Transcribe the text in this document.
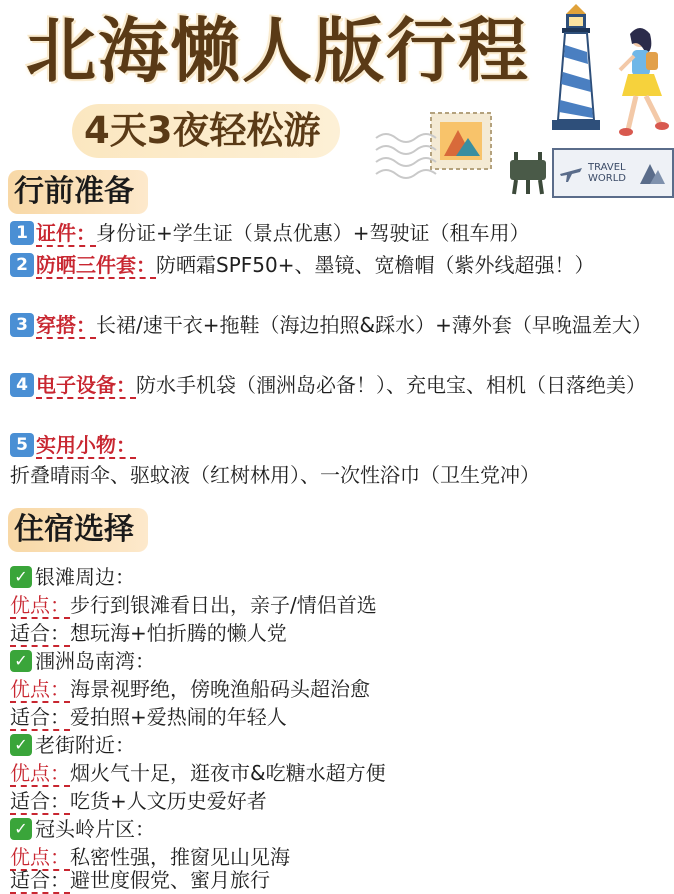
北海懒人版行程
4天3夜轻松游
TRAVEL WORLD
行前准备
1 证件：身份证+学生证（景点优惠）+驾驶证（租车用）
2 防晒三件套：防晒霜SPF50+、墨镜、宽檐帽（紫外线超强！）
3 穿搭：长裙/速干衣+拖鞋（海边拍照&踩水）+薄外套（早晚温差大）
4 电子设备：防水手机袋（涠洲岛必备！）、充电宝、相机（日落绝美）
5 实用小物：折叠晴雨伞、驱蚊液（红树林用）、一次性浴巾（卫生党冲）
住宿选择
✓ 银滩周边：
优点：步行到银滩看日出，亲子/情侣首选
适合：想玩海+怕折腾的懒人党
✓ 涠洲岛南湾：
优点：海景视野绝，傍晚渔船码头超治愈
适合：爱拍照+爱热闹的年轻人
✓ 老街附近：
优点：烟火气十足，逛夜市&吃糖水超方便
适合：吃货+人文历史爱好者
✓ 冠头岭片区：
优点：私密性强，推窗见山见海
适合：避世度假党、蜜月旅行
